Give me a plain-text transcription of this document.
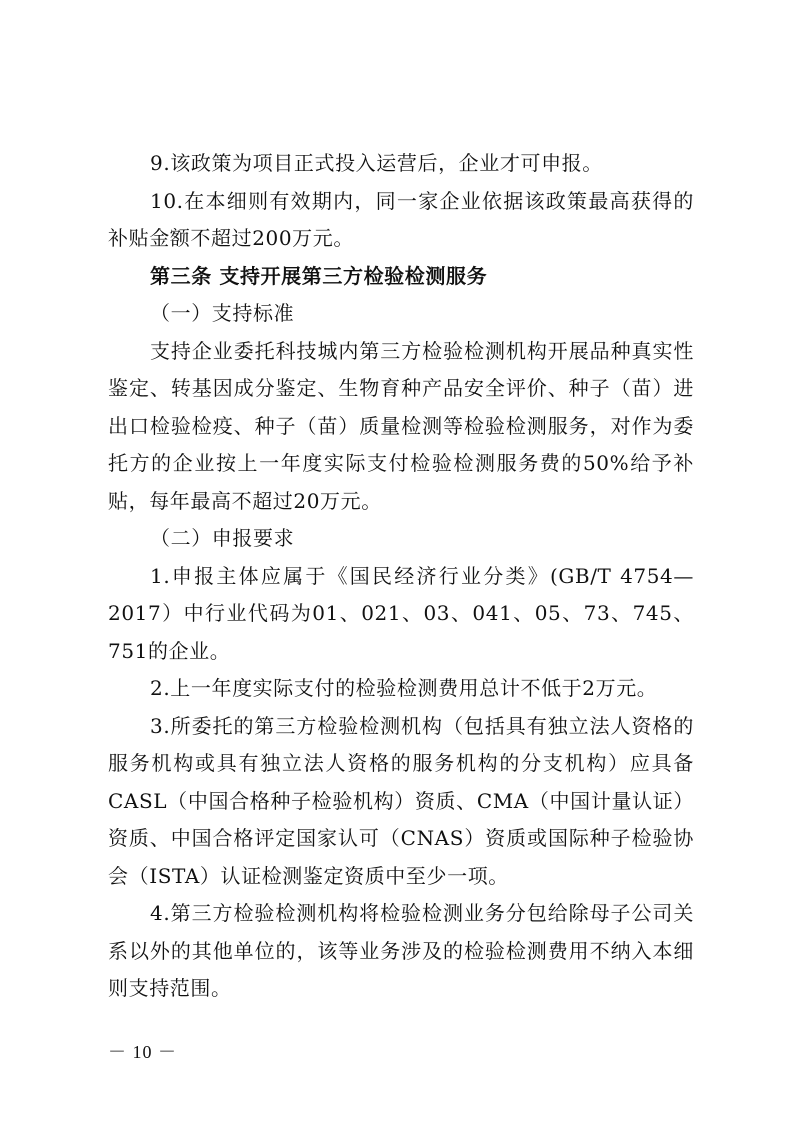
9.该政策为项目正式投入运营后，企业才可申报。

10.在本细则有效期内，同一家企业依据该政策最高获得的补贴金额不超过200万元。

第三条 支持开展第三方检验检测服务

（一）支持标准

支持企业委托科技城内第三方检验检测机构开展品种真实性鉴定、转基因成分鉴定、生物育种产品安全评价、种子（苗）进出口检验检疫、种子（苗）质量检测等检验检测服务，对作为委托方的企业按上一年度实际支付检验检测服务费的50%给予补贴，每年最高不超过20万元。

（二）申报要求

1.申报主体应属于《国民经济行业分类》(GB/T 4754—2017）中行业代码为01、021、03、041、05、73、745、751的企业。

2.上一年度实际支付的检验检测费用总计不低于2万元。

3.所委托的第三方检验检测机构（包括具有独立法人资格的服务机构或具有独立法人资格的服务机构的分支机构）应具备CASL（中国合格种子检验机构）资质、CMA（中国计量认证）资质、中国合格评定国家认可（CNAS）资质或国际种子检验协会（ISTA）认证检测鉴定资质中至少一项。

4.第三方检验检测机构将检验检测业务分包给除母子公司关系以外的其他单位的，该等业务涉及的检验检测费用不纳入本细则支持范围。

－ 10 －
